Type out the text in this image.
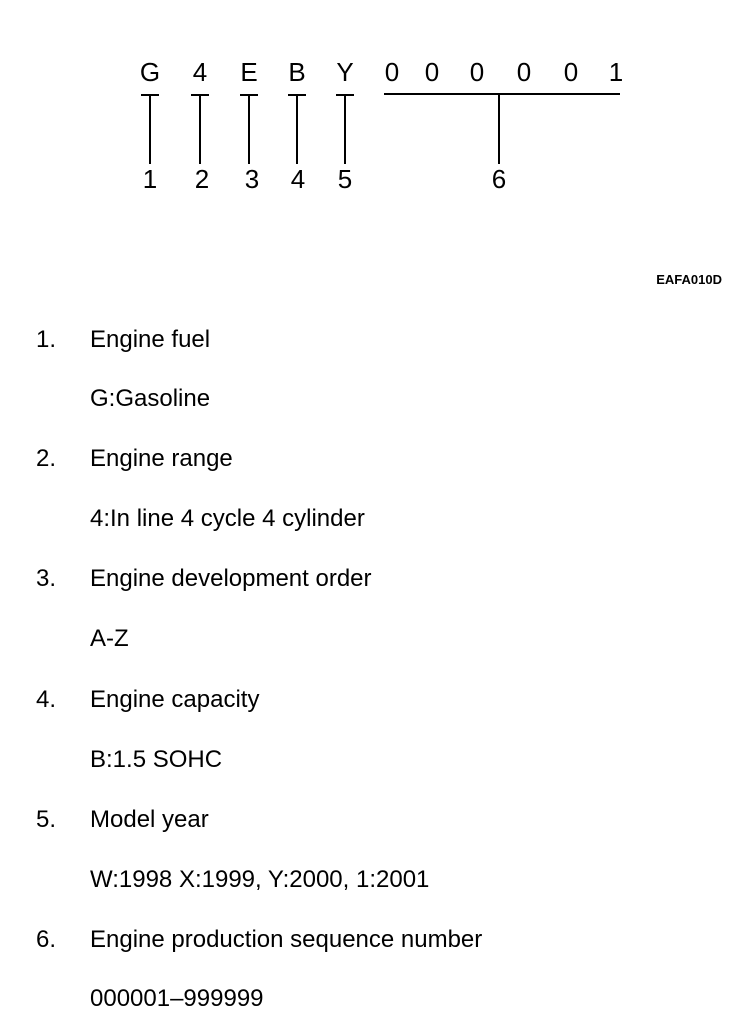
G 4 E B Y 0 0 0 0 0 1
1 2 3 4 5	6
EAFA010D
1. Engine fuel
G:Gasoline
2. Engine range
4:In line 4 cycle 4 cylinder
3. Engine development order
A-Z
4. Engine capacity
B:1.5 SOHC
5. Model year
W:1998 X:1999, Y:2000, 1:2001
6. Engine production sequence number
000001–999999
